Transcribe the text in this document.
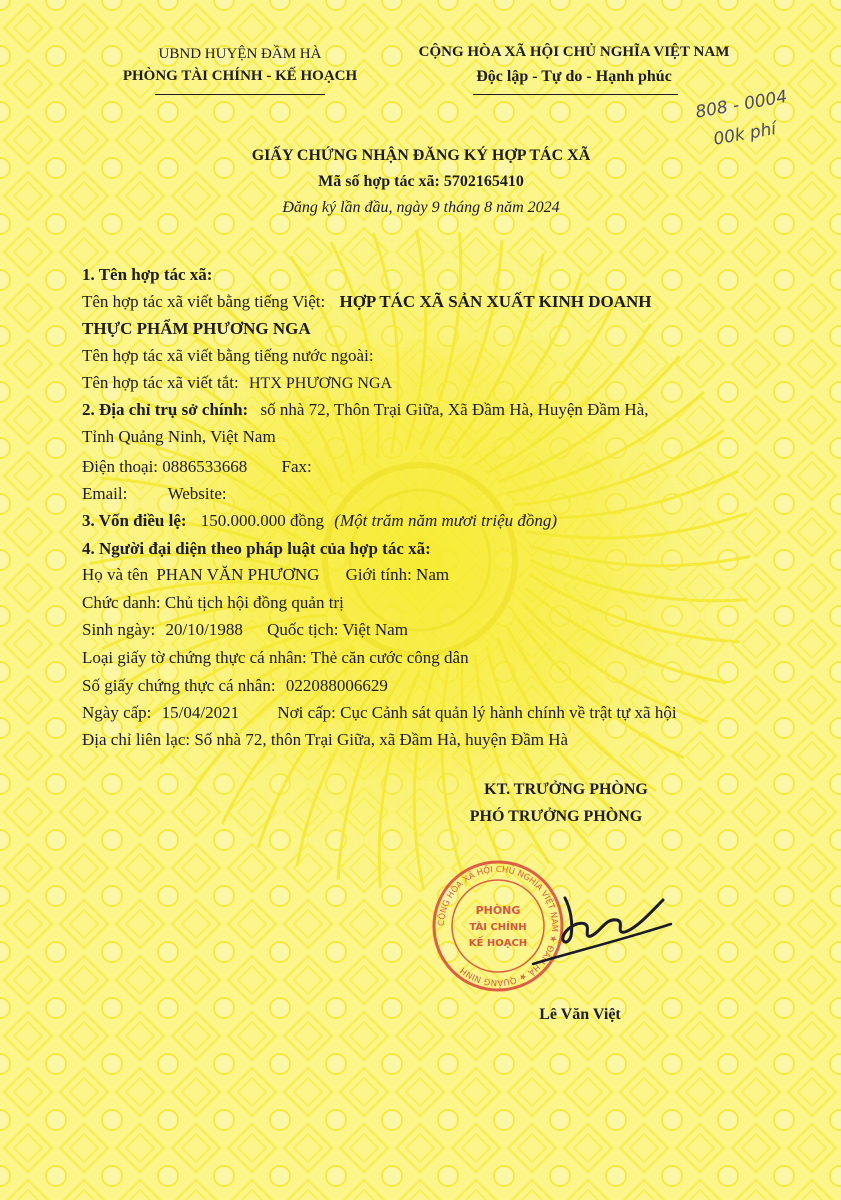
UBND HUYỆN ĐẦM HÀ
PHÒNG TÀI CHÍNH - KẾ HOẠCH
CỘNG HÒA XÃ HỘI CHỦ NGHĨA VIỆT NAM
Độc lập - Tự do - Hạnh phúc
808 - 0004
00k phí
GIẤY CHỨNG NHẬN ĐĂNG KÝ HỢP TÁC XÃ
Mã số hợp tác xã: 5702165410
Đăng ký lần đầu, ngày 9 tháng 8 năm 2024
1. Tên hợp tác xã:
Tên hợp tác xã viết bằng tiếng Việt: HỢP TÁC XÃ SẢN XUẤT KINH DOANH
THỰC PHẨM PHƯƠNG NGA
Tên hợp tác xã viết bằng tiếng nước ngoài:
Tên hợp tác xã viết tắt: HTX PHƯƠNG NGA
2. Địa chỉ trụ sở chính: số nhà 72, Thôn Trại Giữa, Xã Đầm Hà, Huyện Đầm Hà,
Tỉnh Quảng Ninh, Việt Nam
Điện thoại: 0886533668 Fax:
Email: Website:
3. Vốn điều lệ: 150.000.000 đồng (Một trăm năm mươi triệu đồng)
4. Người đại diện theo pháp luật của hợp tác xã:
Họ và tên PHAN VĂN PHƯƠNG Giới tính: Nam
Chức danh: Chủ tịch hội đồng quản trị
Sinh ngày: 20/10/1988 Quốc tịch: Việt Nam
Loại giấy tờ chứng thực cá nhân: Thẻ căn cước công dân
Số giấy chứng thực cá nhân: 022088006629
Ngày cấp: 15/04/2021 Nơi cấp: Cục Cảnh sát quản lý hành chính về trật tự xã hội
Địa chỉ liên lạc: Số nhà 72, thôn Trại Giữa, xã Đầm Hà, huyện Đầm Hà
KT. TRƯỞNG PHÒNG
PHÓ TRƯỞNG PHÒNG
CỘNG HÒA XÃ HỘI CHỦ NGHĨA VIỆT NAM ★ ĐẦM HÀ ★ QUẢNG NINH
PHÒNG
TÀI CHÍNH
KẾ HOẠCH
Lê Văn Việt
